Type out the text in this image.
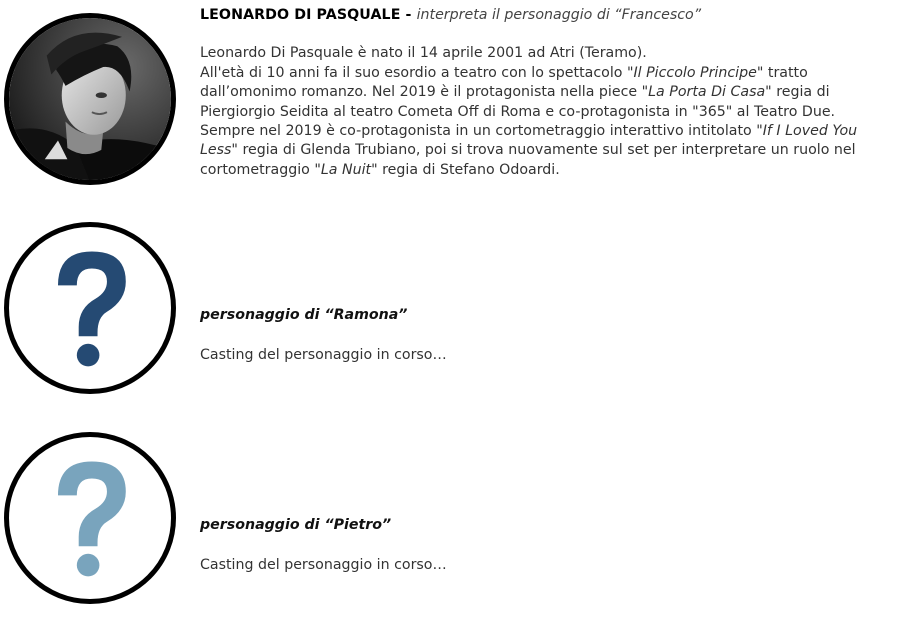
LEONARDO DI PASQUALE - interpreta il personaggio di “Francesco”
Leonardo Di Pasquale è nato il 14 aprile 2001 ad Atri (Teramo).
All'età di 10 anni fa il suo esordio a teatro con lo spettacolo "Il Piccolo Principe" tratto dall’omonimo romanzo. Nel 2019 è il protagonista nella piece "La Porta Di Casa" regia di Piergiorgio Seidita al teatro Cometa Off di Roma e co-protagonista in "365" al Teatro Due.
Sempre nel 2019 è co-protagonista in un cortometraggio interattivo intitolato "If I Loved You Less" regia di Glenda Trubiano, poi si trova nuovamente sul set per interpretare un ruolo nel cortometraggio "La Nuit" regia di Stefano Odoardi.
personaggio di “Ramona”
Casting del personaggio in corso…
personaggio di “Pietro”
Casting del personaggio in corso…
